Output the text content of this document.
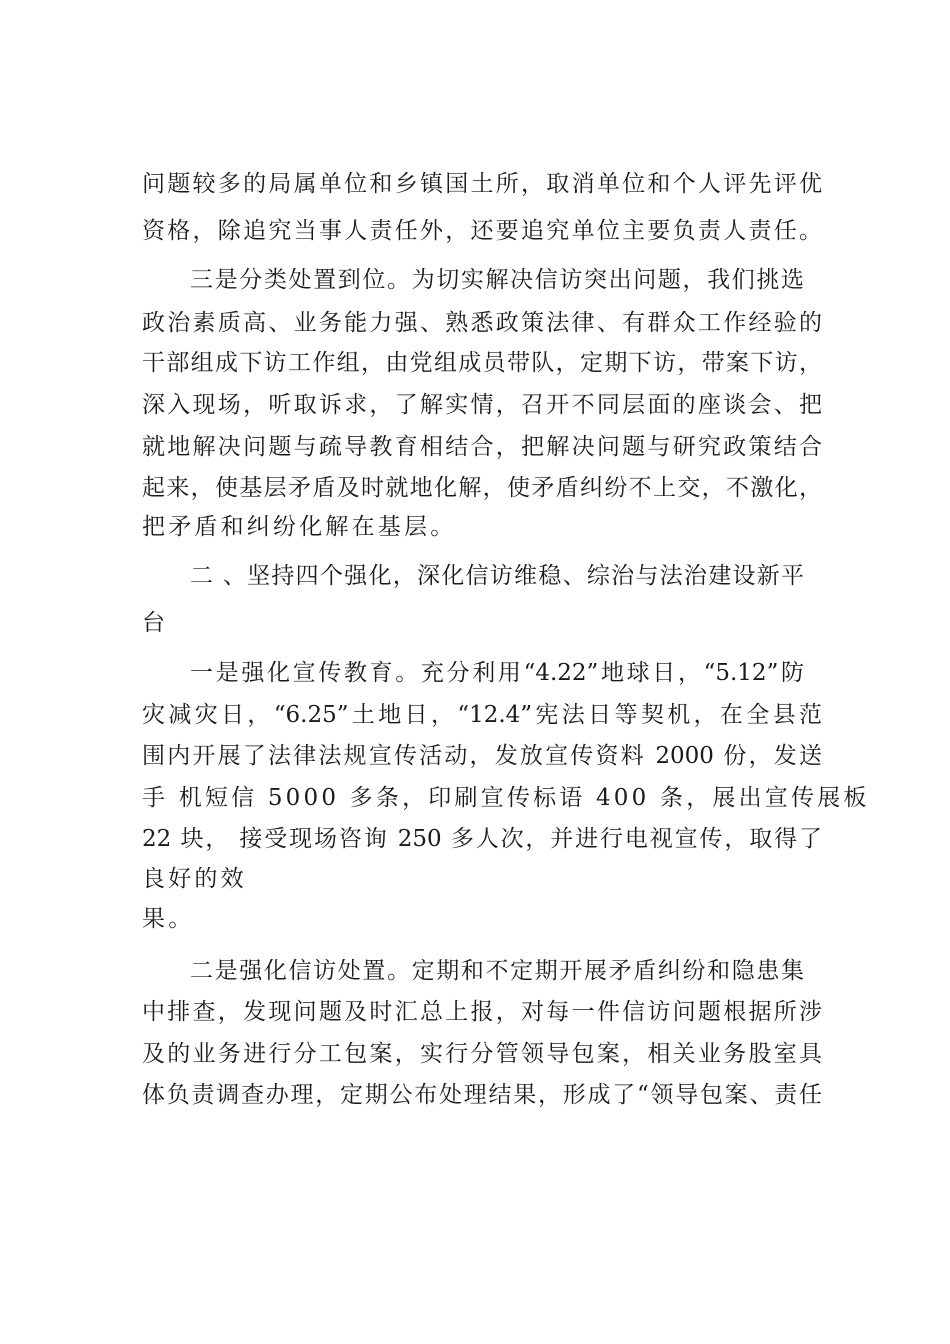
问题较多的局属单位和乡镇国土所，取消单位和个人评先评优
资格，除追究当事人责任外，还要追究单位主要负责人责任。
三是分类处置到位。为切实解决信访突出问题，我们挑选
政治素质高、业务能力强、熟悉政策法律、有群众工作经验的
干部组成下访工作组，由党组成员带队，定期下访，带案下访，
深入现场，听取诉求，了解实情，召开不同层面的座谈会、把
就地解决问题与疏导教育相结合，把解决问题与研究政策结合
起来，使基层矛盾及时就地化解，使矛盾纠纷不上交，不激化，
把矛盾和纠纷化解在基层。
二 、坚持四个强化，深化信访维稳、综治与法治建设新平
台
一是强化宣传教育。充分利用“4.22”地球日，“5.12”防
灾减灾日，“6.25”土地日，“12.4”宪法日等契机，在全县范
围内开展了法律法规宣传活动，发放宣传资料 2000 份，发送
手 机短信 5000 多条，印刷宣传标语 400 条，展出宣传展板
22 块， 接受现场咨询 250 多人次，并进行电视宣传，取得了
良好的效
果。
二是强化信访处置。定期和不定期开展矛盾纠纷和隐患集
中排查，发现问题及时汇总上报，对每一件信访问题根据所涉
及的业务进行分工包案，实行分管领导包案，相关业务股室具
体负责调查办理，定期公布处理结果，形成了“领导包案、责任
